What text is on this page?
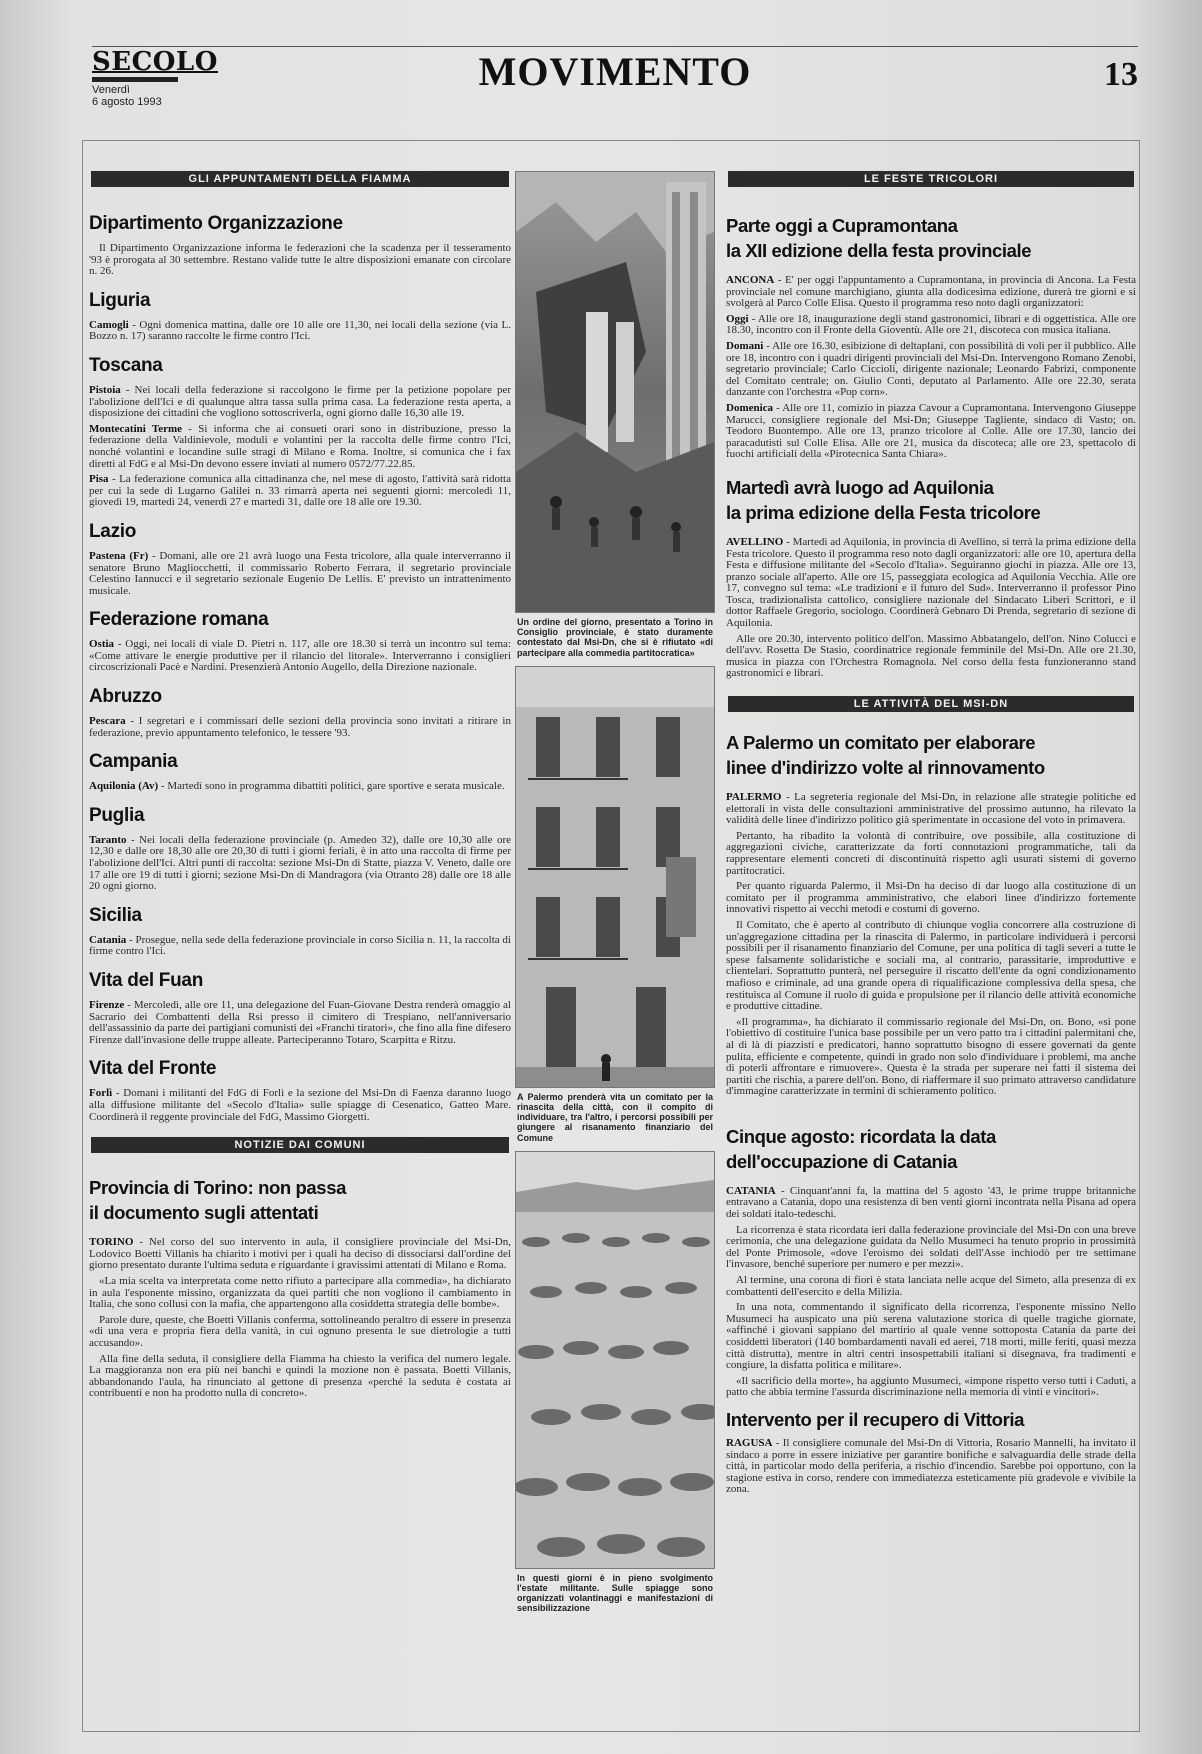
SECOLO
Venerdì
6 agosto 1993
MOVIMENTO	13
GLI APPUNTAMENTI DELLA FIAMMA
Dipartimento Organizzazione

Il Dipartimento Organizzazione informa le federazioni che la scadenza per il tesseramento '93 è prorogata al 30 settembre. Restano valide tutte le altre disposizioni emanate con circolare n. 26.

Liguria

Camogli - Ogni domenica mattina, dalle ore 10 alle ore 11,30, nei locali della sezione (via L. Bozzo n. 17) saranno raccolte le firme contro l'Ici.

Toscana

Pistoia - Nei locali della federazione si raccolgono le firme per la petizione popolare per l'abolizione dell'Ici e di qualunque altra tassa sulla prima casa. La federazione resta aperta, a disposizione dei cittadini che vogliono sottoscriverla, ogni giorno dalle 16,30 alle 19.

Montecatini Terme - Si informa che ai consueti orari sono in distribuzione, presso la federazione della Valdinievole, moduli e volantini per la raccolta delle firme contro l'Ici, nonché volantini e locandine sulle stragi di Milano e Roma. Inoltre, si comunica che i fax diretti al FdG e al Msi-Dn devono essere inviati al numero 0572/77.22.85.

Pisa - La federazione comunica alla cittadinanza che, nel mese di agosto, l'attività sarà ridotta per cui la sede di Lugarno Galilei n. 33 rimarrà aperta nei seguenti giorni: mercoledì 11, giovedì 19, martedì 24, venerdì 27 e martedì 31, dalle ore 18 alle ore 19.30.

Lazio

Pastena (Fr) - Domani, alle ore 21 avrà luogo una Festa tricolore, alla quale interverranno il senatore Bruno Magliocchetti, il commissario Roberto Ferrara, il segretario provinciale Celestino Iannucci e il segretario sezionale Eugenio De Lellis. E' previsto un intrattenimento musicale.

Federazione romana

Ostia - Oggi, nei locali di viale D. Pietri n. 117, alle ore 18.30 si terrà un incontro sul tema: «Come attivare le energie produttive per il rilancio del litorale». Interverranno i consiglieri circoscrizionali Pacè e Nardini. Presenzierà Antonio Augello, della Direzione nazionale.

Abruzzo

Pescara - I segretari e i commissari delle sezioni della provincia sono invitati a ritirare in federazione, previo appuntamento telefonico, le tessere '93.

Campania

Aquilonia (Av) - Martedì sono in programma dibattiti politici, gare sportive e serata musicale.

Puglia

Taranto - Nei locali della federazione provinciale (p. Amedeo 32), dalle ore 10,30 alle ore 12,30 e dalle ore 18,30 alle ore 20,30 di tutti i giorni feriali, è in atto una raccolta di firme per l'abolizione dell'Ici. Altri punti di raccolta: sezione Msi-Dn di Statte, piazza V. Veneto, dalle ore 17 alle ore 19 di tutti i giorni; sezione Msi-Dn di Mandragora (via Otranto 28) dalle ore 18 alle 20 ogni giorno.

Sicilia

Catania - Prosegue, nella sede della federazione provinciale in corso Sicilia n. 11, la raccolta di firme contro l'Ici.

Vita del Fuan

Firenze - Mercoledì, alle ore 11, una delegazione del Fuan-Giovane Destra renderà omaggio al Sacrario dei Combattenti della Rsi presso il cimitero di Trespiano, nell'anniversario dell'assassinio da parte dei partigiani comunisti dei «Franchi tiratori», che fino alla fine difesero Firenze dall'invasione delle truppe alleate. Parteciperanno Totaro, Scarpitta e Ritzu.

Vita del Fronte

Forlì - Domani i militanti del FdG di Forlì e la sezione del Msi-Dn di Faenza daranno luogo alla diffusione militante del «Secolo d'Italia» sulle spiagge di Cesenatico, Gatteo Mare. Coordinerà il reggente provinciale del FdG, Massimo Giorgetti.

NOTIZIE DAI COMUNI
Provincia di Torino: non passa
il documento sugli attentati

TORINO - Nel corso del suo intervento in aula, il consigliere provinciale del Msi-Dn, Lodovico Boetti Villanis ha chiarito i motivi per i quali ha deciso di dissociarsi dall'ordine del giorno presentato durante l'ultima seduta e riguardante i gravissimi attentati di Milano e Roma.

«La mia scelta va interpretata come netto rifiuto a partecipare alla commedia», ha dichiarato in aula l'esponente missino, organizzata da quei partiti che non vogliono il cambiamento in Italia, che sono collusi con la mafia, che appartengono alla cosiddetta strategia delle bombe».

Parole dure, queste, che Boetti Villanis conferma, sottolineando peraltro di essere in presenza «di una vera e propria fiera della vanità, in cui ognuno presenta le sue dietrologie a tutti accusando».

Alla fine della seduta, il consigliere della Fiamma ha chiesto la verifica del numero legale. La maggioranza non era più nei banchi e quindi la mozione non è passata. Boetti Villanis, abbandonando l'aula, ha rinunciato al gettone di presenza «perché la seduta è costata ai contribuenti e non ha prodotto nulla di concreto».

Un ordine del giorno, presentato a Torino in Consiglio provinciale, è stato duramente contestato dal Msi-Dn, che si è rifiutato «di partecipare alla commedia partitocratica»
A Palermo prenderà vita un comitato per la rinascita della città, con il compito di individuare, tra l'altro, i percorsi possibili per giungere al risanamento finanziario del Comune
In questi giorni è in pieno svolgimento l'estate militante. Sulle spiagge sono organizzati volantinaggi e manifestazioni di sensibilizzazione
LE FESTE TRICOLORI
Parte oggi a Cupramontana
la XII edizione della festa provinciale

ANCONA - E' per oggi l'appuntamento a Cupramontana, in provincia di Ancona. La Festa provinciale nel comune marchigiano, giunta alla dodicesima edizione, durerà tre giorni e si svolgerà al Parco Colle Elisa. Questo il programma reso noto dagli organizzatori:

Oggi - Alle ore 18, inaugurazione degli stand gastronomici, librari e di oggettistica. Alle ore 18.30, incontro con il Fronte della Gioventù. Alle ore 21, discoteca con musica italiana.

Domani - Alle ore 16.30, esibizione di deltaplani, con possibilità di voli per il pubblico. Alle ore 18, incontro con i quadri dirigenti provinciali del Msi-Dn. Intervengono Romano Zenobi, segretario provinciale; Carlo Ciccioli, dirigente nazionale; Leonardo Fabrizi, componente del Comitato centrale; on. Giulio Conti, deputato al Parlamento. Alle ore 22.30, serata danzante con l'orchestra «Pop corn».

Domenica - Alle ore 11, comizio in piazza Cavour a Cupramontana. Intervengono Giuseppe Marucci, consigliere regionale del Msi-Dn; Giuseppe Tagliente, sindaco di Vasto; on. Teodoro Buontempo. Alle ore 13, pranzo tricolore al Colle. Alle ore 17.30, lancio dei paracadutisti sul Colle Elisa. Alle ore 21, musica da discoteca; alle ore 23, spettacolo di fuochi artificiali della «Pirotecnica Santa Chiara».

Martedì avrà luogo ad Aquilonia
la prima edizione della Festa tricolore

AVELLINO - Martedì ad Aquilonia, in provincia di Avellino, si terrà la prima edizione della Festa tricolore. Questo il programma reso noto dagli organizzatori: alle ore 10, apertura della Festa e diffusione militante del «Secolo d'Italia». Seguiranno giochi in piazza. Alle ore 13, pranzo sociale all'aperto. Alle ore 15, passeggiata ecologica ad Aquilonia Vecchia. Alle ore 17, convegno sul tema: «Le tradizioni e il futuro del Sud». Interverranno il professor Pino Tosca, tradizionalista cattolico, consigliere nazionale del Sindacato Liberi Scrittori, e il dottor Raffaele Gregorio, sociologo. Coordinerà Gebnaro Di Prenda, segretario di sezione di Aquilonia.

Alle ore 20.30, intervento politico dell'on. Massimo Abbatangelo, dell'on. Nino Colucci e dell'avv. Rosetta De Stasio, coordinatrice regionale femminile del Msi-Dn. Alle ore 21.30, musica in piazza con l'Orchestra Romagnola. Nel corso della festa funzioneranno stand gastronomici e librari.

LE ATTIVITÀ DEL MSI-DN
A Palermo un comitato per elaborare
linee d'indirizzo volte al rinnovamento

PALERMO - La segreteria regionale del Msi-Dn, in relazione alle strategie politiche ed elettorali in vista delle consultazioni amministrative del prossimo autunno, ha rilevato la validità delle linee d'indirizzo politico già sperimentate in occasione del voto in primavera.

Pertanto, ha ribadito la volontà di contribuire, ove possibile, alla costituzione di aggregazioni civiche, caratterizzate da forti connotazioni programmatiche, tali da rappresentare elementi concreti di discontinuità rispetto agli usurati sistemi di governo partitocratici.

Per quanto riguarda Palermo, il Msi-Dn ha deciso di dar luogo alla costituzione di un comitato per il programma amministrativo, che elabori linee d'indirizzo fortemente innovativi rispetto ai vecchi metodi e costumi di governo.

Il Comitato, che è aperto al contributo di chiunque voglia concorrere alla costruzione di un'aggregazione cittadina per la rinascita di Palermo, in particolare individuerà i percorsi possibili per il risanamento finanziario del Comune, per una politica di tagli severi a tutte le spese falsamente solidaristiche e sociali ma, al contrario, parassitarie, improduttive e clientelari. Soprattutto punterà, nel perseguire il riscatto dell'ente da ogni condizionamento mafioso e criminale, ad una grande opera di riqualificazione complessiva della spesa, che restituisca al Comune il ruolo di guida e propulsione per il rilancio delle attività economiche e produttive cittadine.

«Il programma», ha dichiarato il commissario regionale del Msi-Dn, on. Bono, «si pone l'obiettivo di costituire l'unica base possibile per un vero patto tra i cittadini palermitani che, al di là di piazzisti e predicatori, hanno soprattutto bisogno di essere governati da gente pulita, efficiente e competente, quindi in grado non solo d'individuare i problemi, ma anche di poterli affrontare e rimuovere». Questa è la strada per superare nei fatti il sistema dei partiti che rischia, a parere dell'on. Bono, di riaffermare il suo primato attraverso candidature d'immagine caratterizzate in termini di schieramento politico.

Cinque agosto: ricordata la data
dell'occupazione di Catania

CATANIA - Cinquant'anni fa, la mattina del 5 agosto '43, le prime truppe britanniche entravano a Catania, dopo una resistenza di ben venti giorni incontrata nella Pisana ad opera dei soldati italo-tedeschi.

La ricorrenza è stata ricordata ieri dalla federazione provinciale del Msi-Dn con una breve cerimonia, che una delegazione guidata da Nello Musumeci ha tenuto proprio in prossimità del Ponte Primosole, «dove l'eroismo dei soldati dell'Asse inchiodò per tre settimane l'invasore, benché superiore per numero e per mezzi».

Al termine, una corona di fiori è stata lanciata nelle acque del Simeto, alla presenza di ex combattenti dell'esercito e della Milizia.

In una nota, commentando il significato della ricorrenza, l'esponente missino Nello Musumeci ha auspicato una più serena valutazione storica di quelle tragiche giornate, «affinché i giovani sappiano del martirio al quale venne sottoposta Catania da parte dei cosiddetti liberatori (140 bombardamenti navali ed aerei, 718 morti, mille feriti, quasi mezza città distrutta), mentre in altri centri insospettabili italiani si disegnava, fra tradimenti e congiure, la disfatta politica e militare».

«Il sacrificio della morte», ha aggiunto Musumeci, «impone rispetto verso tutti i Caduti, a patto che abbia termine l'assurda discriminazione nella memoria di vinti e vincitori».

Intervento per il recupero di Vittoria

RAGUSA - Il consigliere comunale del Msi-Dn di Vittoria, Rosario Mannelli, ha invitato il sindaco a porre in essere iniziative per garantire bonifiche e salvaguardia delle strade della città, in particolar modo della periferia, a rischio d'incendio. Sarebbe poi opportuno, con la stagione estiva in corso, rendere con immediatezza esteticamente più gradevole e vivibile la zona.
